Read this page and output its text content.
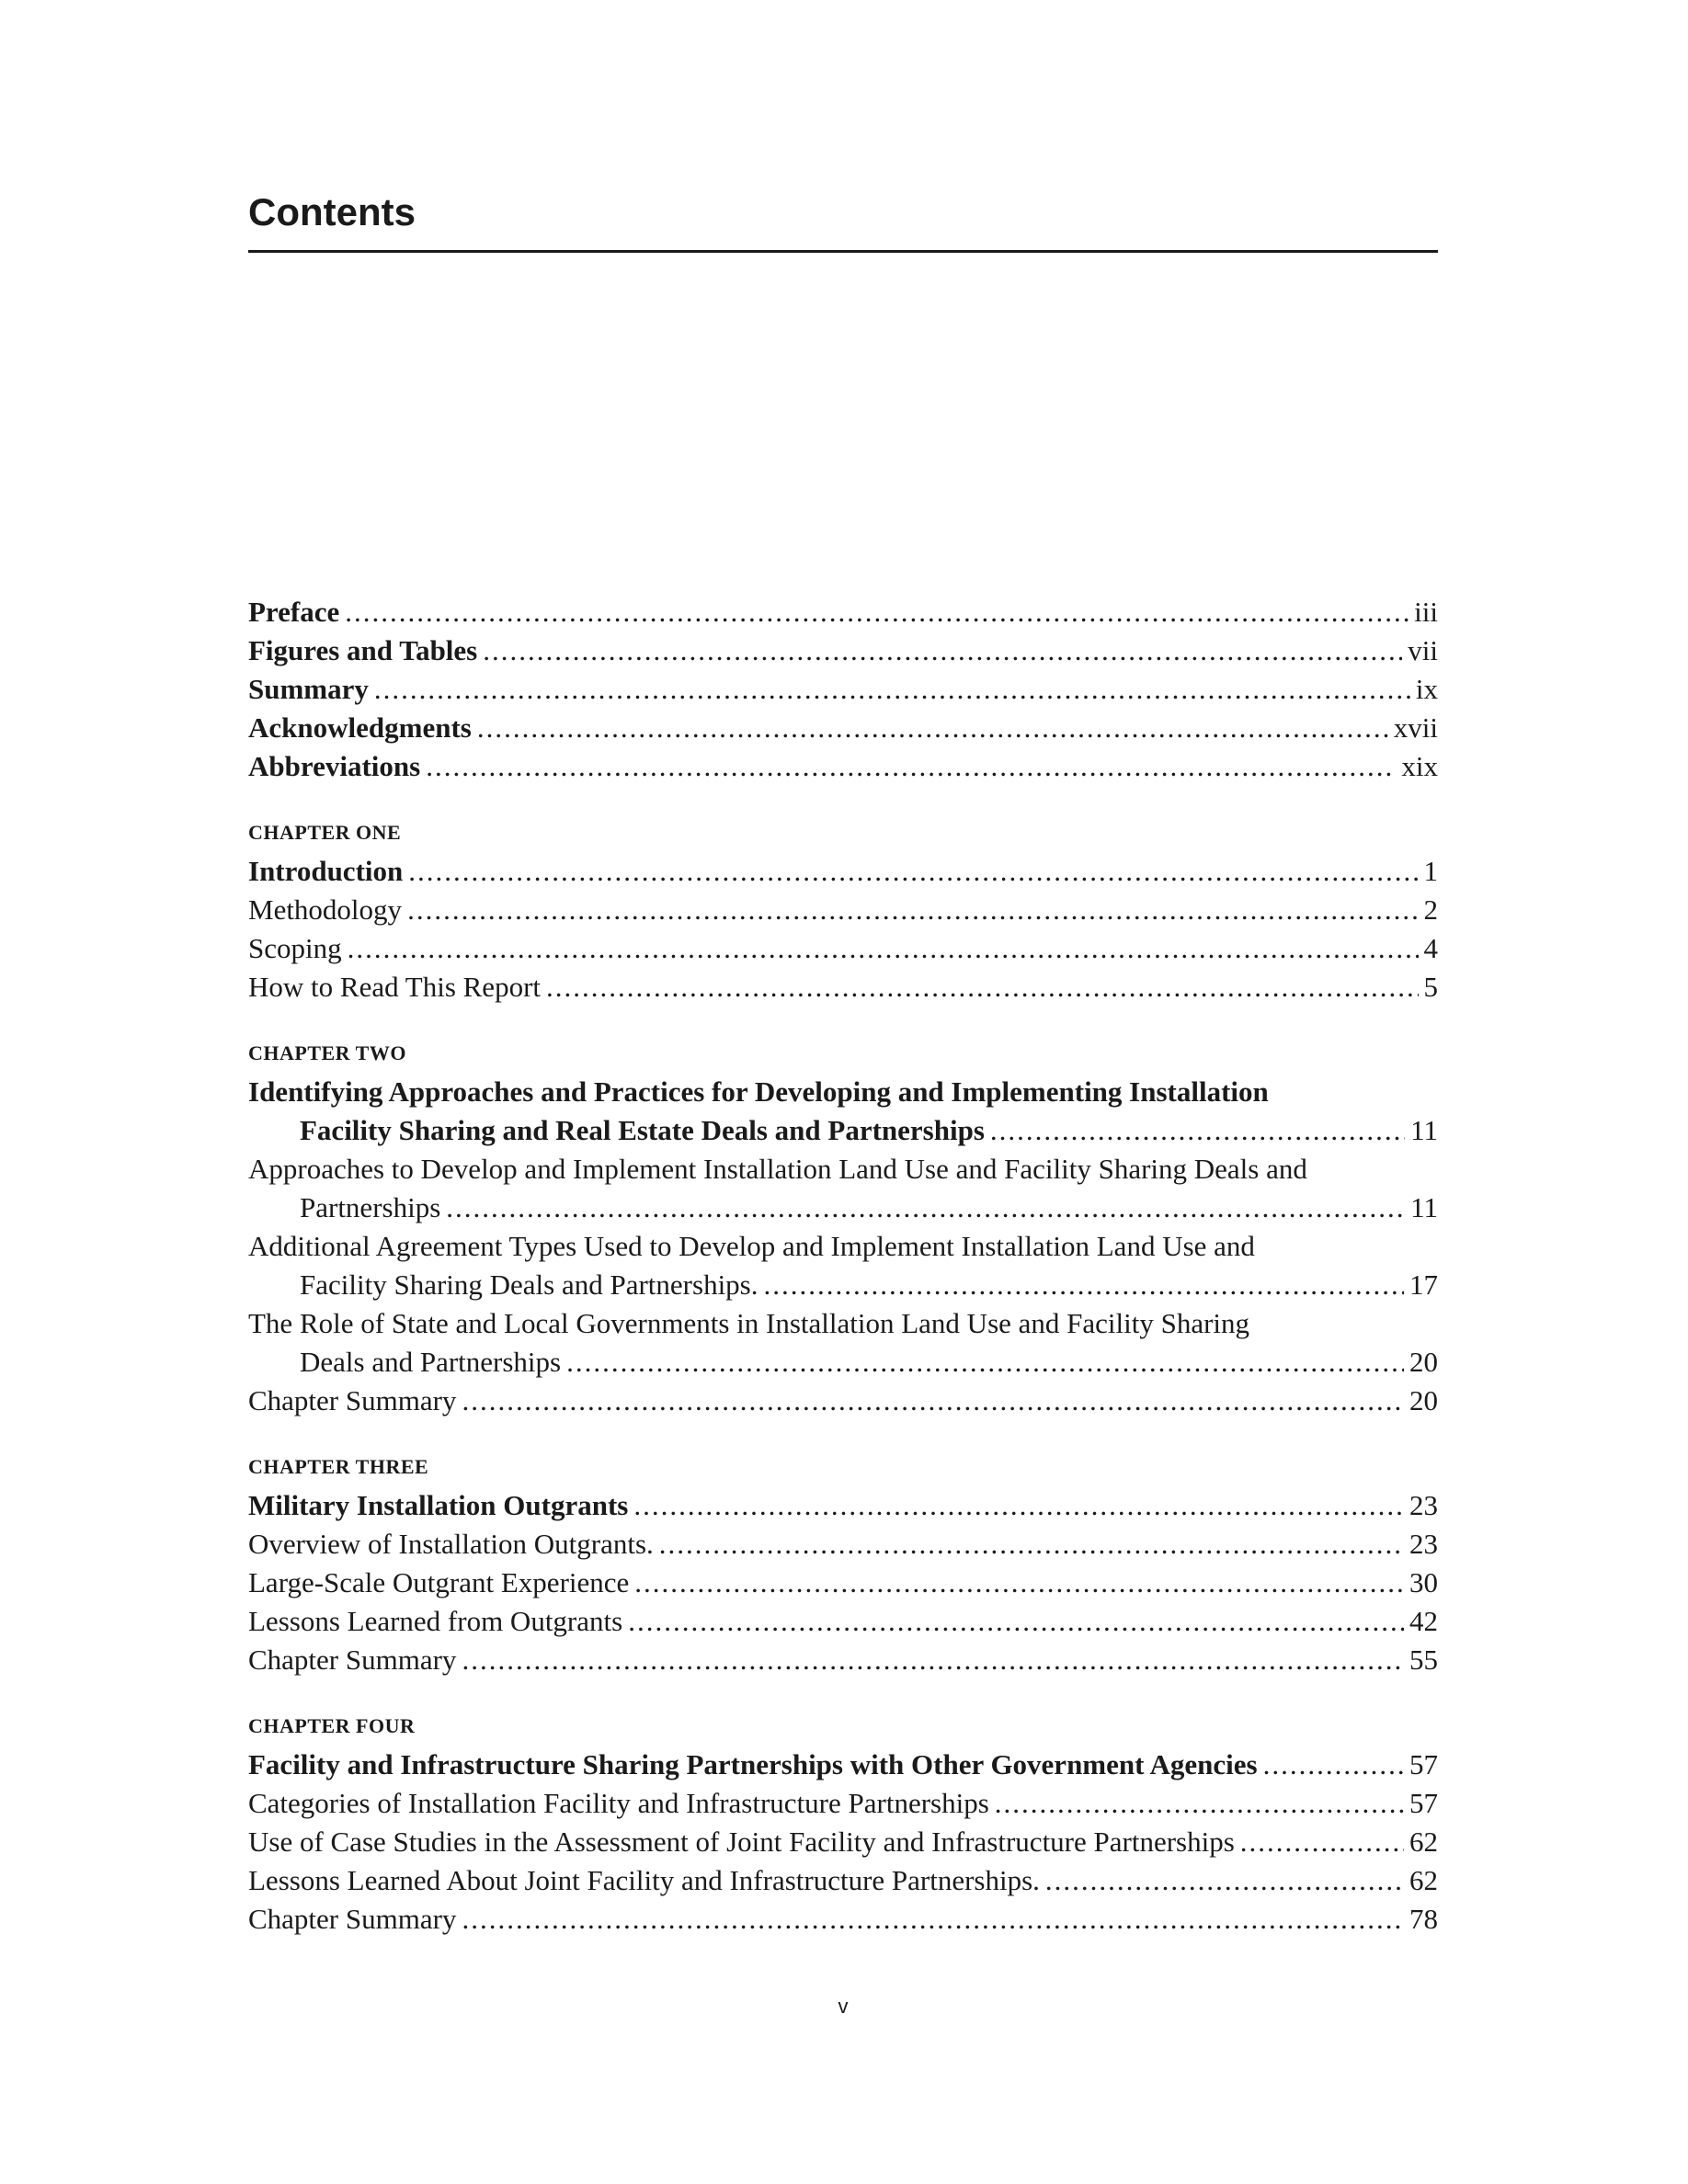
Contents
Preface .....	iii
Figures and Tables .....	vii
Summary .....	ix
Acknowledgments .....	xvii
Abbreviations .....	xix
CHAPTER ONE
Introduction .....	1
Methodology .....	2
Scoping .....	4
How to Read This Report .....	5
CHAPTER TWO
Identifying Approaches and Practices for Developing and Implementing Installation
Facility Sharing and Real Estate Deals and Partnerships .....	11
Approaches to Develop and Implement Installation Land Use and Facility Sharing Deals and
Partnerships .....	11
Additional Agreement Types Used to Develop and Implement Installation Land Use and
Facility Sharing Deals and Partnerships. .....	17
The Role of State and Local Governments in Installation Land Use and Facility Sharing
Deals and Partnerships .....	20
Chapter Summary .....	20
CHAPTER THREE
Military Installation Outgrants .....	23
Overview of Installation Outgrants. .....	23
Large-Scale Outgrant Experience .....	30
Lessons Learned from Outgrants .....	42
Chapter Summary .....	55
CHAPTER FOUR
Facility and Infrastructure Sharing Partnerships with Other Government Agencies .....	57
Categories of Installation Facility and Infrastructure Partnerships .....	57
Use of Case Studies in the Assessment of Joint Facility and Infrastructure Partnerships .....	62
Lessons Learned About Joint Facility and Infrastructure Partnerships. .....	62
Chapter Summary .....	78
v
